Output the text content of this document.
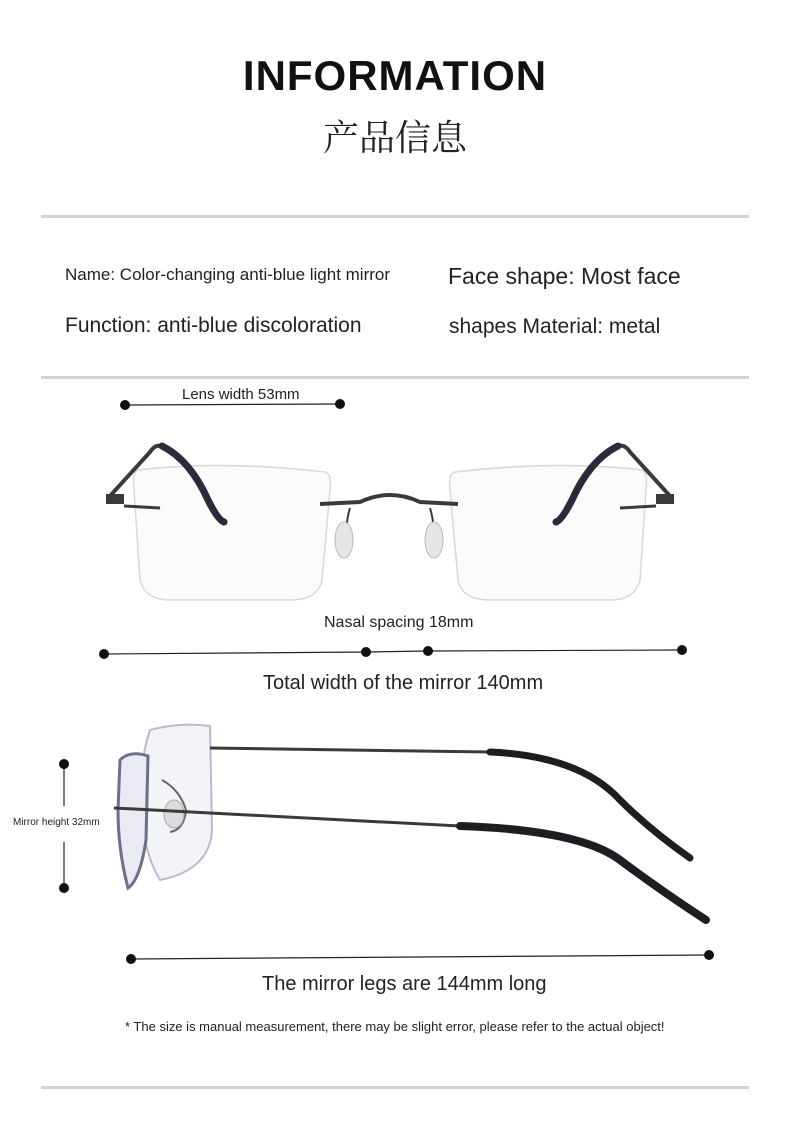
INFORMATION
产品信息
Name: Color-changing anti-blue light mirror	Face shape: Most face
Function: anti-blue discoloration	shapes Material: metal
Lens width 53mm
Nasal spacing 18mm
Total width of the mirror 140mm
Mirror height 32mm
The mirror legs are 144mm long
* The size is manual measurement, there may be slight error, please refer to the actual object!
